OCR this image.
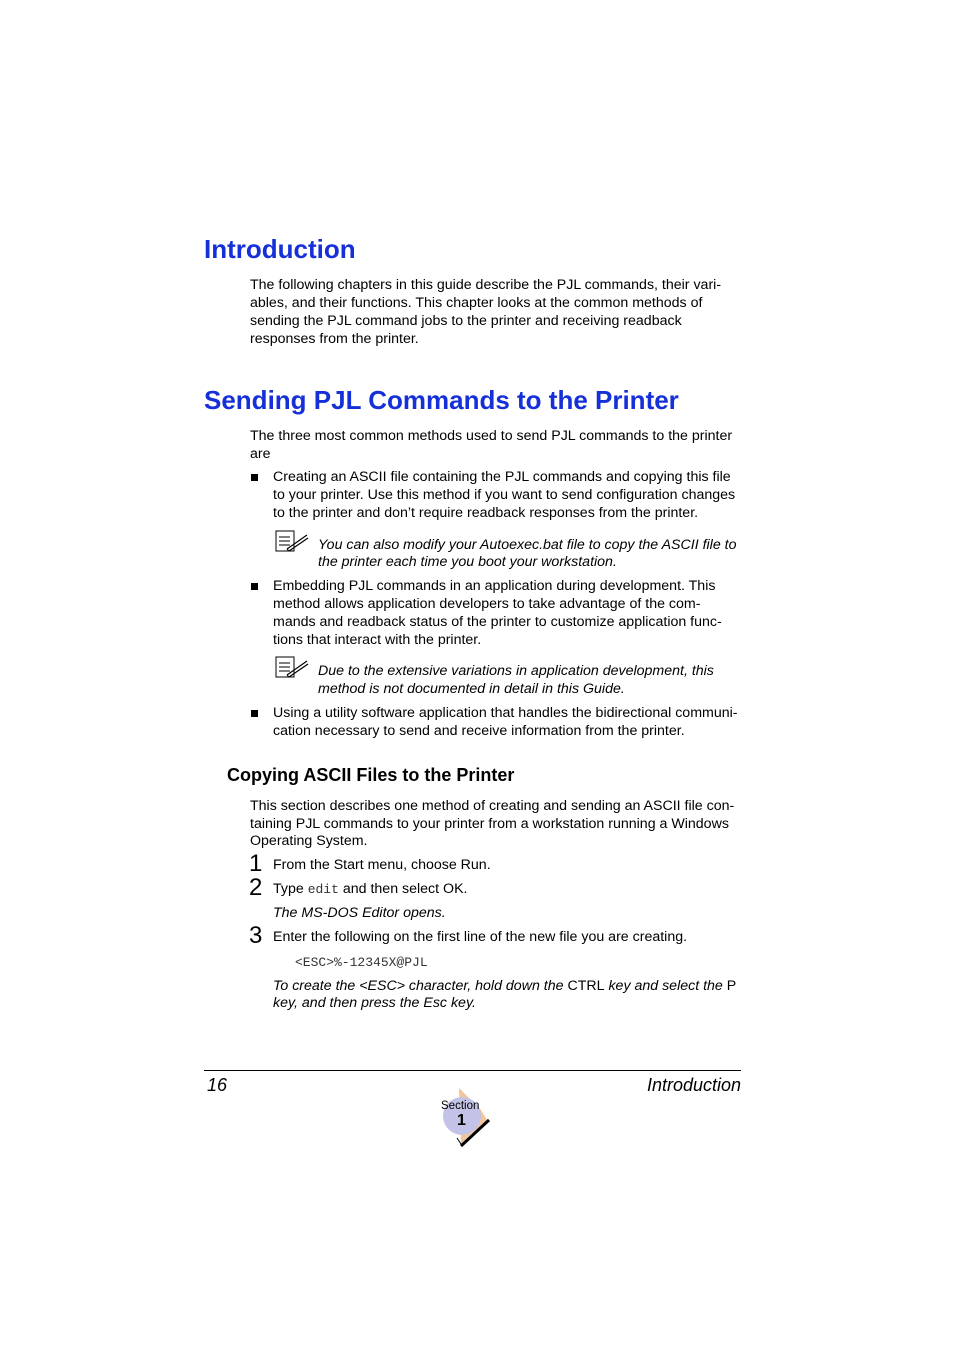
Introduction
The following chapters in this guide describe the PJL commands, their vari-
ables, and their functions. This chapter looks at the common methods of
sending the PJL command jobs to the printer and receiving readback
responses from the printer.
Sending PJL Commands to the Printer
The three most common methods used to send PJL commands to the printer
are
Creating an ASCII file containing the PJL commands and copying this file
to your printer. Use this method if you want to send configuration changes
to the printer and don’t require readback responses from the printer.
You can also modify your Autoexec.bat file to copy the ASCII file to
the printer each time you boot your workstation.
Embedding PJL commands in an application during development. This
method allows application developers to take advantage of the com-
mands and readback status of the printer to customize application func-
tions that interact with the printer.
Due to the extensive variations in application development, this
method is not documented in detail in this Guide.
Using a utility software application that handles the bidirectional communi-
cation necessary to send and receive information from the printer.
Copying ASCII Files to the Printer
This section describes one method of creating and sending an ASCII file con-
taining PJL commands to your printer from a workstation running a Windows
Operating System.
1 From the Start menu, choose Run.
2 Type edit and then select OK.
The MS-DOS Editor opens.
3 Enter the following on the first line of the new file you are creating.
<ESC>%-12345X@PJL
To create the <ESC> character, hold down the CTRL key and select the P
key, and then press the Esc key.
16	Introduction
Section
1
